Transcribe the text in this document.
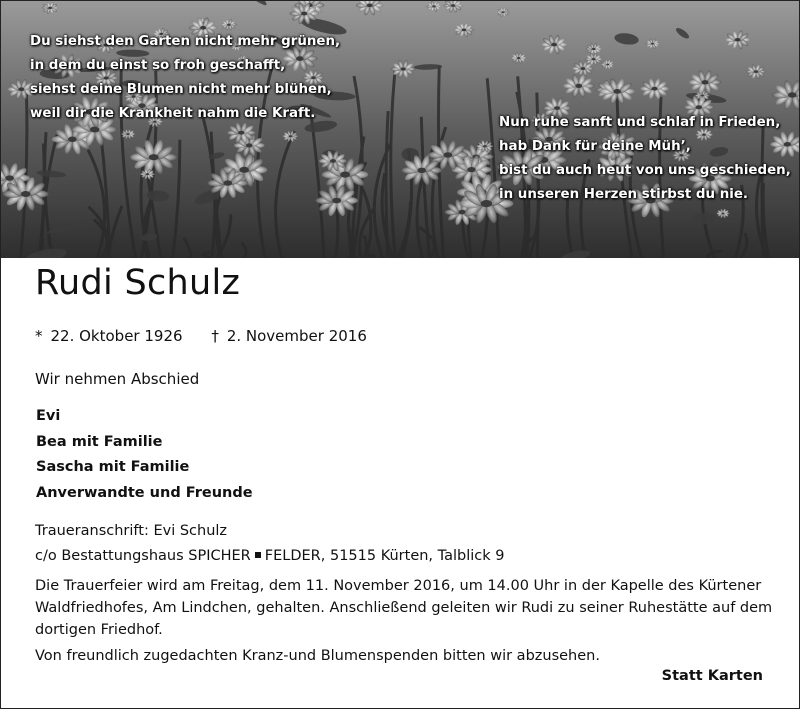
Du siehst den Garten nicht mehr grünen,
in dem du einst so froh geschafft,
siehst deine Blumen nicht mehr blühen,
weil dir die Krankheit nahm die Kraft.
Nun ruhe sanft und schlaf in Frieden,
hab Dank für deine Müh’,
bist du auch heut von uns geschieden,
in unseren Herzen stirbst du nie.
Rudi Schulz
* 22. Oktober 1926 † 2. November 2016
Wir nehmen Abschied
Evi
Bea mit Familie
Sascha mit Familie
Anverwandte und Freunde
Traueranschrift: Evi Schulz
c/o Bestattungshaus SPICHER FELDER, 51515 Kürten, Talblick 9
Die Trauerfeier wird am Freitag, dem 11. November 2016, um 14.00 Uhr in der Kapelle des Kürtener
Waldfriedhofes, Am Lindchen, gehalten. Anschließend geleiten wir Rudi zu seiner Ruhestätte auf dem
dortigen Friedhof.
Von freundlich zugedachten Kranz-und Blumenspenden bitten wir abzusehen.
Statt Karten
